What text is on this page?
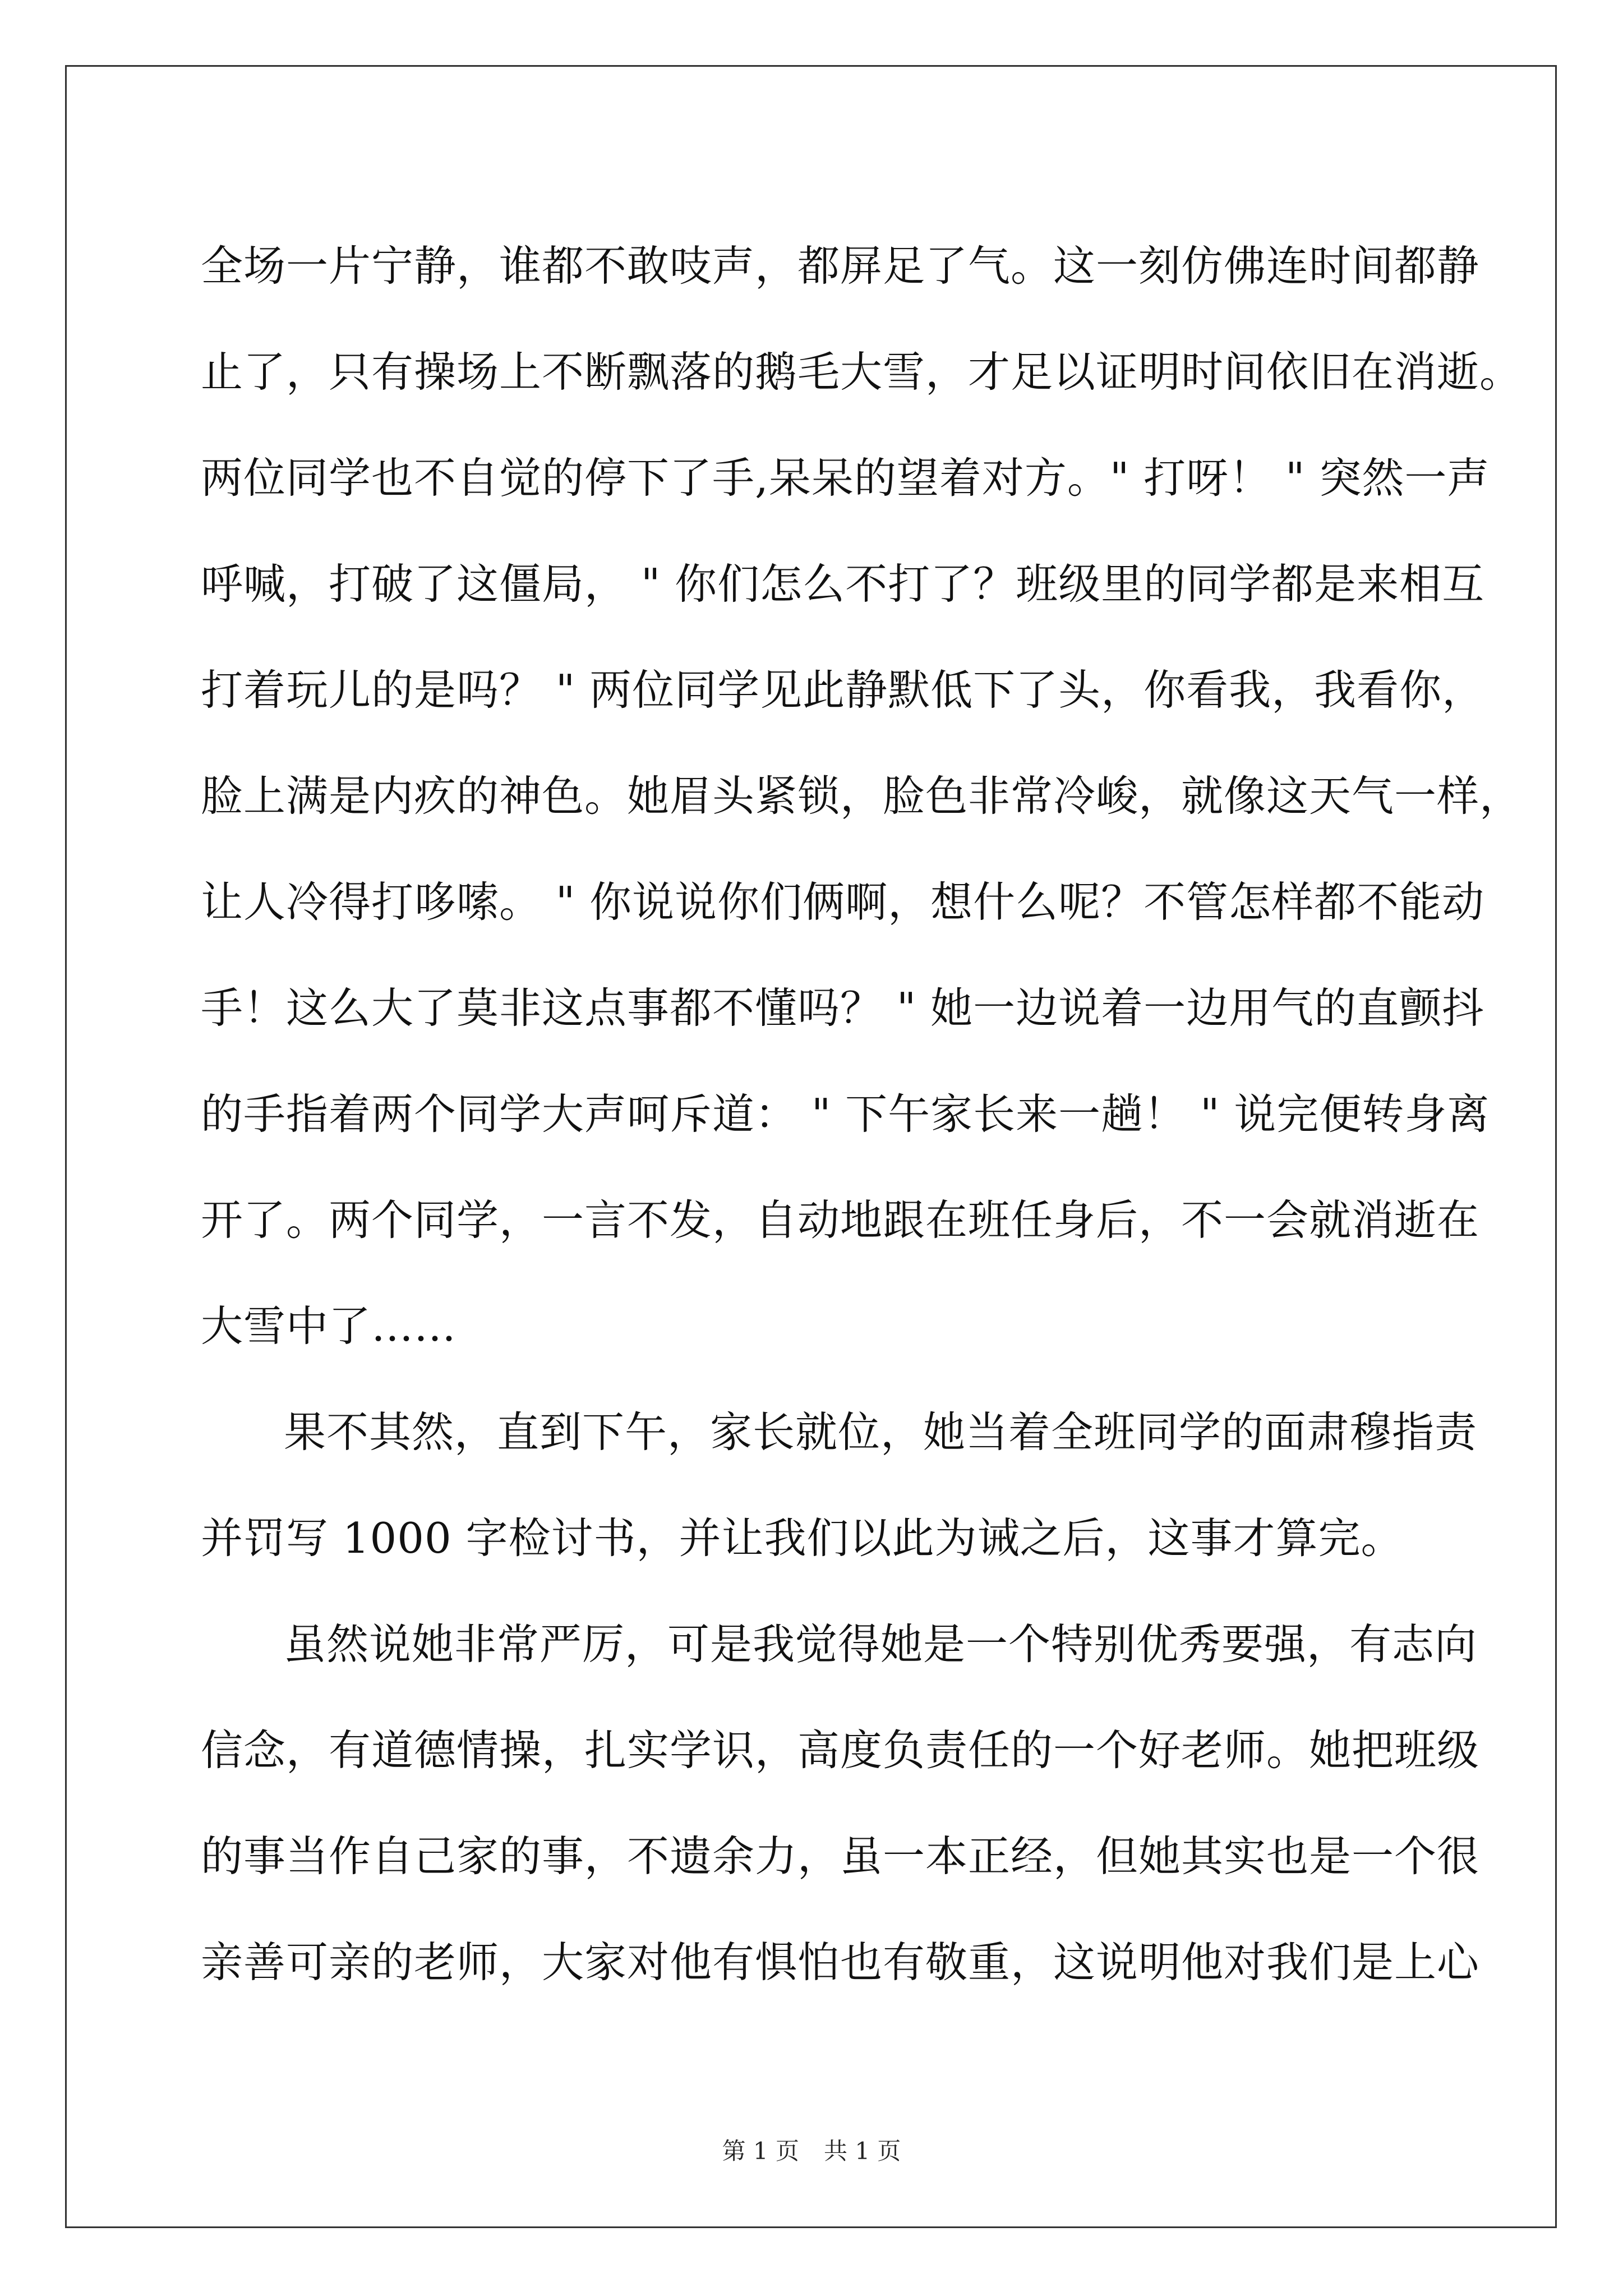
全场一片宁静，谁都不敢吱声，都屏足了气。这一刻仿佛连时间都静
止了，只有操场上不断飘落的鹅毛大雪，才足以证明时间依旧在消逝。
两位同学也不自觉的停下了手,呆呆的望着对方。" 打呀！ " 突然一声
呼喊，打破了这僵局， " 你们怎么不打了？班级里的同学都是来相互
打着玩儿的是吗？ " 两位同学见此静默低下了头，你看我，我看你，
脸上满是内疚的神色。她眉头紧锁，脸色非常冷峻，就像这天气一样，
让人冷得打哆嗦。 " 你说说你们俩啊，想什么呢？不管怎样都不能动
手！这么大了莫非这点事都不懂吗？ " 她一边说着一边用气的直颤抖
的手指着两个同学大声呵斥道： " 下午家长来一趟！ " 说完便转身离
开了。两个同学，一言不发，自动地跟在班任身后，不一会就消逝在
大雪中了……
果不其然，直到下午，家长就位，她当着全班同学的面肃穆指责
并罚写 1000 字检讨书，并让我们以此为诫之后，这事才算完。
虽然说她非常严厉，可是我觉得她是一个特别优秀要强，有志向
信念，有道德情操，扎实学识，高度负责任的一个好老师。她把班级
的事当作自己家的事，不遗余力，虽一本正经，但她其实也是一个很
亲善可亲的老师，大家对他有惧怕也有敬重，这说明他对我们是上心
第 1 页 共 1 页
